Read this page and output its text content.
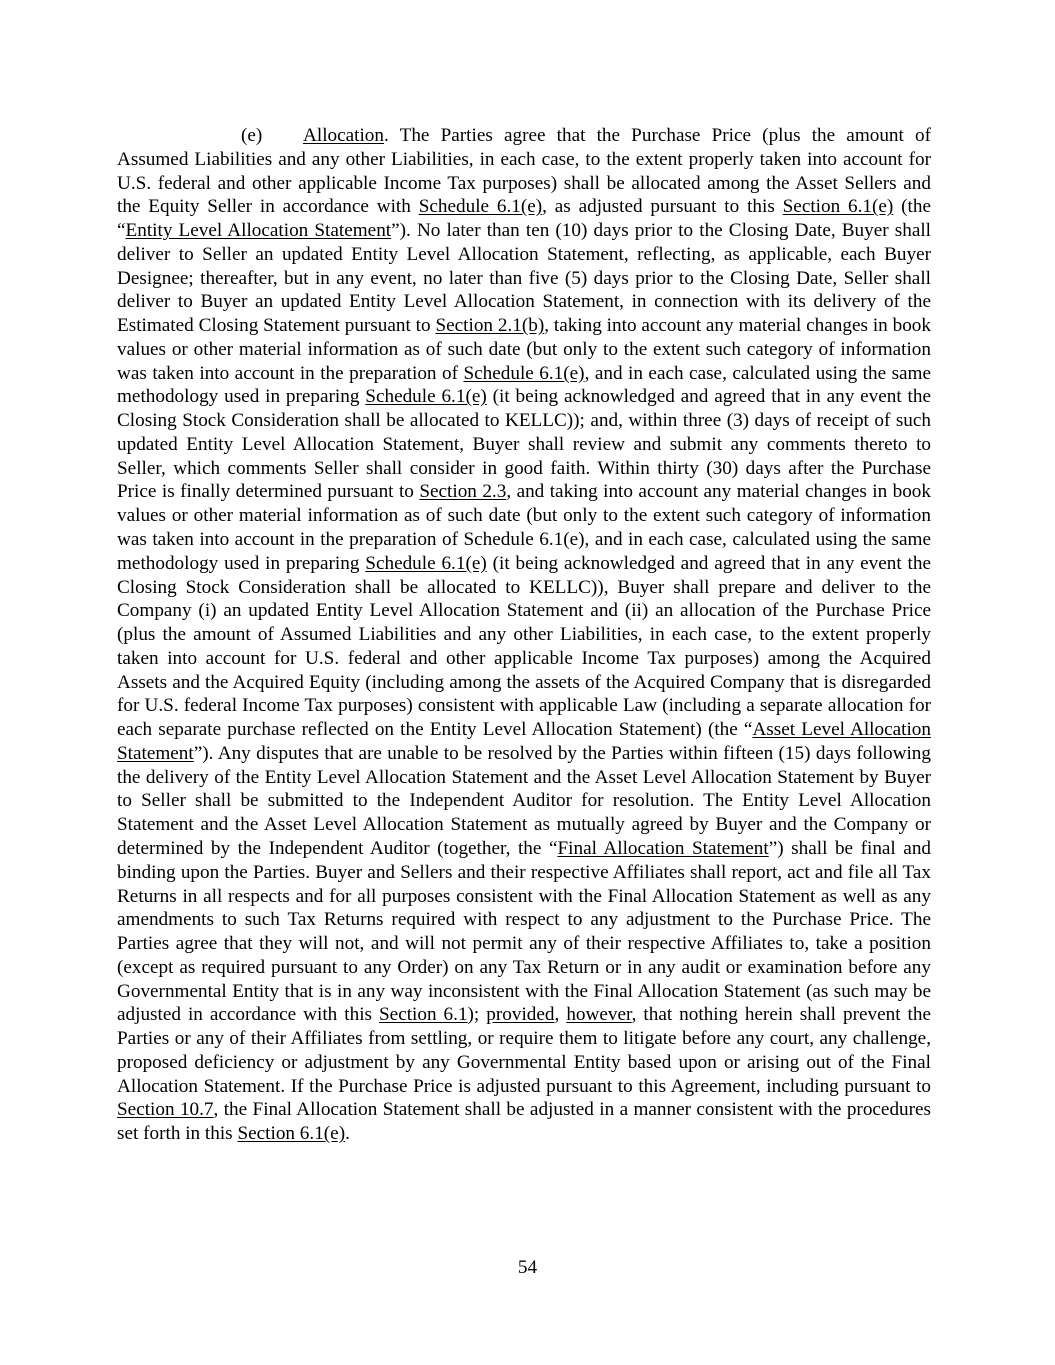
(e) Allocation. The Parties agree that the Purchase Price (plus the amount of Assumed Liabilities and any other Liabilities, in each case, to the extent properly taken into account for U.S. federal and other applicable Income Tax purposes) shall be allocated among the Asset Sellers and the Equity Seller in accordance with Schedule 6.1(e), as adjusted pursuant to this Section 6.1(e) (the “Entity Level Allocation Statement”). No later than ten (10) days prior to the Closing Date, Buyer shall deliver to Seller an updated Entity Level Allocation Statement, reflecting, as applicable, each Buyer Designee; thereafter, but in any event, no later than five (5) days prior to the Closing Date, Seller shall deliver to Buyer an updated Entity Level Allocation Statement, in connection with its delivery of the Estimated Closing Statement pursuant to Section 2.1(b), taking into account any material changes in book values or other material information as of such date (but only to the extent such category of information was taken into account in the preparation of Schedule 6.1(e), and in each case, calculated using the same methodology used in preparing Schedule 6.1(e) (it being acknowledged and agreed that in any event the Closing Stock Consideration shall be allocated to KELLC)); and, within three (3) days of receipt of such updated Entity Level Allocation Statement, Buyer shall review and submit any comments thereto to Seller, which comments Seller shall consider in good faith. Within thirty (30) days after the Purchase Price is finally determined pursuant to Section 2.3, and taking into account any material changes in book values or other material information as of such date (but only to the extent such category of information was taken into account in the preparation of Schedule 6.1(e), and in each case, calculated using the same methodology used in preparing Schedule 6.1(e) (it being acknowledged and agreed that in any event the Closing Stock Consideration shall be allocated to KELLC)), Buyer shall prepare and deliver to the Company (i) an updated Entity Level Allocation Statement and (ii) an allocation of the Purchase Price (plus the amount of Assumed Liabilities and any other Liabilities, in each case, to the extent properly taken into account for U.S. federal and other applicable Income Tax purposes) among the Acquired Assets and the Acquired Equity (including among the assets of the Acquired Company that is disregarded for U.S. federal Income Tax purposes) consistent with applicable Law (including a separate allocation for each separate purchase reflected on the Entity Level Allocation Statement) (the “Asset Level Allocation Statement”). Any disputes that are unable to be resolved by the Parties within fifteen (15) days following the delivery of the Entity Level Allocation Statement and the Asset Level Allocation Statement by Buyer to Seller shall be submitted to the Independent Auditor for resolution. The Entity Level Allocation Statement and the Asset Level Allocation Statement as mutually agreed by Buyer and the Company or determined by the Independent Auditor (together, the “Final Allocation Statement”) shall be final and binding upon the Parties. Buyer and Sellers and their respective Affiliates shall report, act and file all Tax Returns in all respects and for all purposes consistent with the Final Allocation Statement as well as any amendments to such Tax Returns required with respect to any adjustment to the Purchase Price. The Parties agree that they will not, and will not permit any of their respective Affiliates to, take a position (except as required pursuant to any Order) on any Tax Return or in any audit or examination before any Governmental Entity that is in any way inconsistent with the Final Allocation Statement (as such may be adjusted in accordance with this Section 6.1); provided, however, that nothing herein shall prevent the Parties or any of their Affiliates from settling, or require them to litigate before any court, any challenge, proposed deficiency or adjustment by any Governmental Entity based upon or arising out of the Final Allocation Statement. If the Purchase Price is adjusted pursuant to this Agreement, including pursuant to Section 10.7, the Final Allocation Statement shall be adjusted in a manner consistent with the procedures set forth in this Section 6.1(e).

54
